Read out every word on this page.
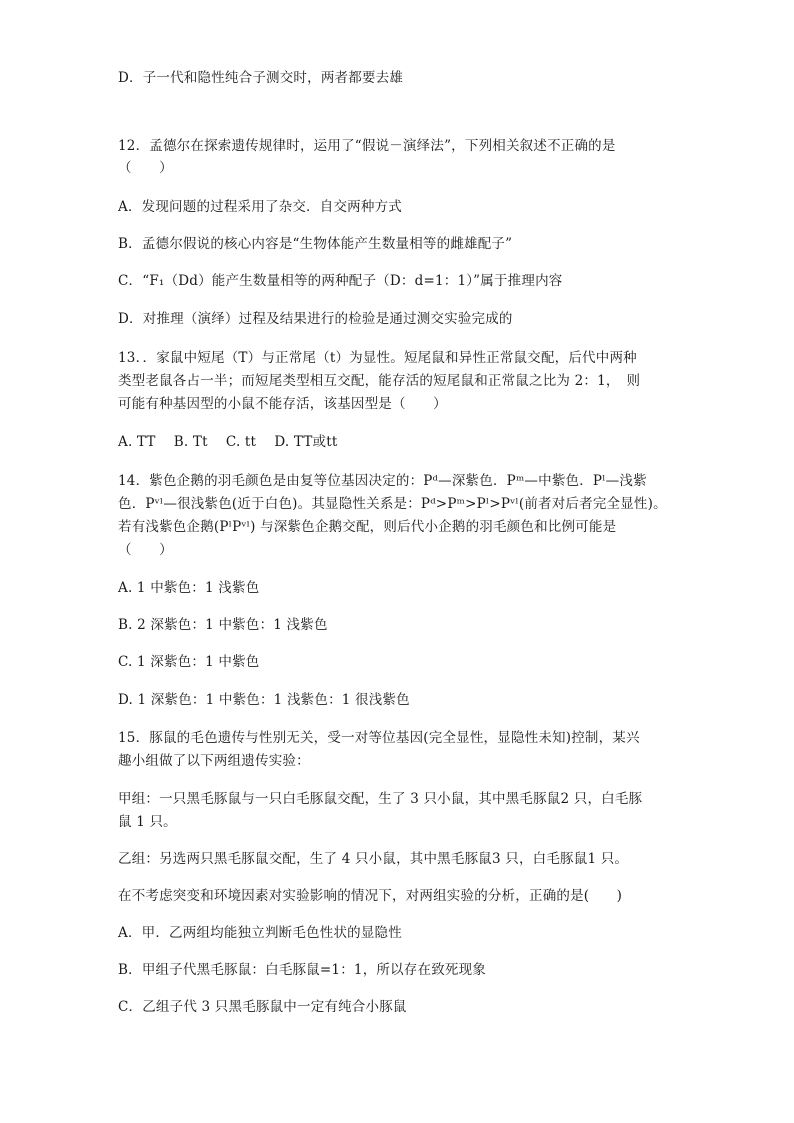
D．子一代和隐性纯合子测交时，两者都要去雄
12．孟德尔在探索遗传规律时，运用了“假说－演绎法”，下列相关叙述不正确的是
（　　）
A．发现问题的过程采用了杂交．自交两种方式
B．孟德尔假说的核心内容是“生物体能产生数量相等的雌雄配子”
C．“F₁（Dd）能产生数量相等的两种配子（D：d=1：1）”属于推理内容
D．对推理（演绎）过程及结果进行的检验是通过测交实验完成的
13．．家鼠中短尾（T）与正常尾（t）为显性。短尾鼠和异性正常鼠交配，后代中两种
类型老鼠各占一半；而短尾类型相互交配，能存活的短尾鼠和正常鼠之比为 2：1，　则
可能有种基因型的小鼠不能存活，该基因型是（　　）
A. TT　 B. Tt　 C. tt　 D. TT或tt
14．紫色企鹅的羽毛颜色是由复等位基因决定的：Pᵈ—深紫色．Pᵐ—中紫色．Pˡ—浅紫
色．Pᵛˡ—很浅紫色(近于白色)。其显隐性关系是：Pᵈ>Pᵐ>Pˡ>Pᵛˡ(前者对后者完全显性)。
若有浅紫色企鹅(PˡPᵛˡ) 与深紫色企鹅交配，则后代小企鹅的羽毛颜色和比例可能是
（　　）
A. 1 中紫色：1 浅紫色
B. 2 深紫色：1 中紫色：1 浅紫色
C. 1 深紫色：1 中紫色
D. 1 深紫色：1 中紫色：1 浅紫色：1 很浅紫色
15．豚鼠的毛色遗传与性别无关，受一对等位基因(完全显性，显隐性未知)控制，某兴
趣小组做了以下两组遗传实验：
甲组：一只黑毛豚鼠与一只白毛豚鼠交配，生了 3 只小鼠，其中黑毛豚鼠2 只，白毛豚
鼠 1 只。
乙组：另选两只黑毛豚鼠交配，生了 4 只小鼠，其中黑毛豚鼠3 只，白毛豚鼠1 只。
在不考虑突变和环境因素对实验影响的情况下，对两组实验的分析，正确的是(　　)
A．甲．乙两组均能独立判断毛色性状的显隐性
B．甲组子代黑毛豚鼠：白毛豚鼠=1：1，所以存在致死现象
C．乙组子代 3 只黑毛豚鼠中一定有纯合小豚鼠
